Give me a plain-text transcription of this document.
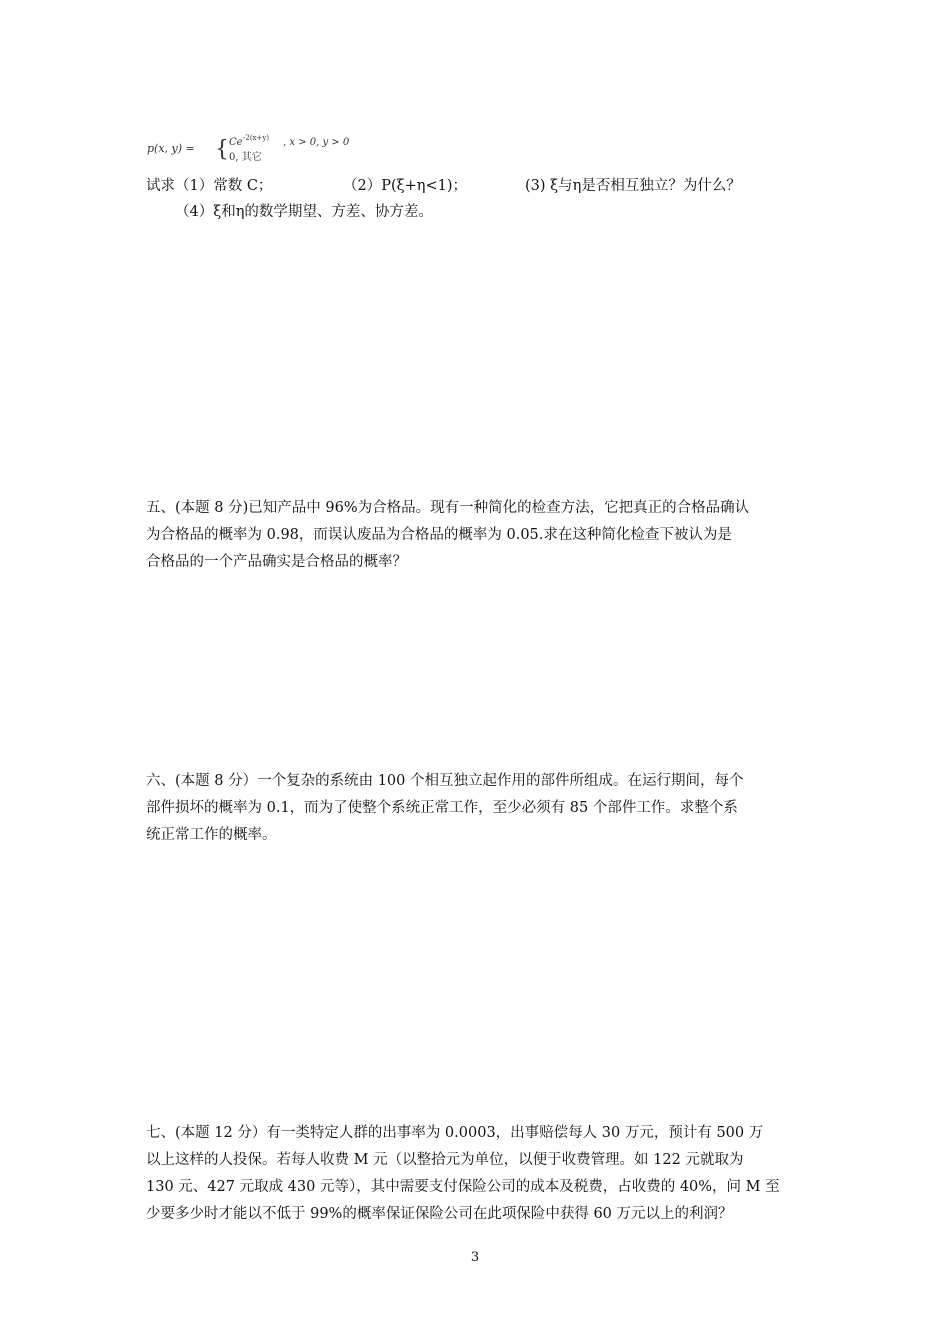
p(x, y) = { Ce -2(x+y) , x > 0, y > 0
0, 其它
试求（1）常数 C；	（2）P(ξ+η<1)；	(3) ξ与η是否相互独立？为什么？
（4）ξ和η的数学期望、方差、协方差。
五、(本题 8 分)已知产品中 96%为合格品。现有一种简化的检查方法，它把真正的合格品确认
为合格品的概率为 0.98，而误认废品为合格品的概率为 0.05.求在这种简化检查下被认为是
合格品的一个产品确实是合格品的概率？
六、(本题 8 分）一个复杂的系统由 100 个相互独立起作用的部件所组成。在运行期间，每个
部件损坏的概率为 0.1，而为了使整个系统正常工作，至少必须有 85 个部件工作。求整个系
统正常工作的概率。
七、(本题 12 分）有一类特定人群的出事率为 0.0003，出事赔偿每人 30 万元，预计有 500 万
以上这样的人投保。若每人收费 M 元（以整拾元为单位，以便于收费管理。如 122 元就取为
130 元、427 元取成 430 元等），其中需要支付保险公司的成本及税费，占收费的 40%，问 M 至
少要多少时才能以不低于 99%的概率保证保险公司在此项保险中获得 60 万元以上的利润？
3
